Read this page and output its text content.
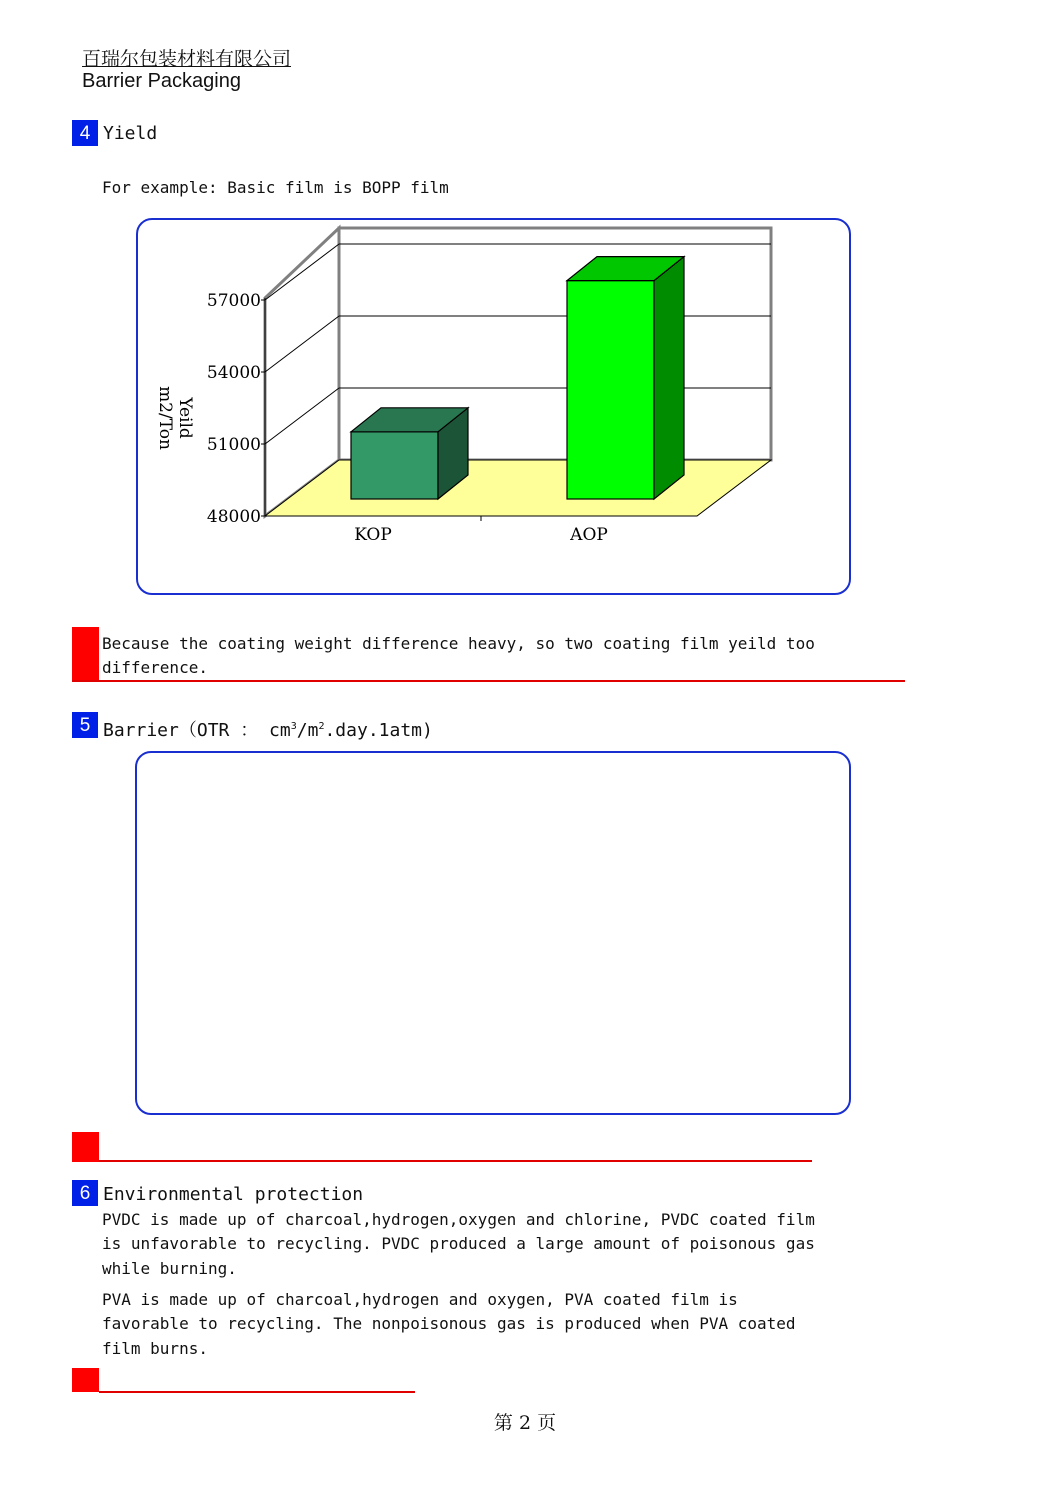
百瑞尔包装材料有限公司
Barrier Packaging
4 Yield
For example: Basic film is BOPP film
48000
51000
54000
57000
KOP	AOP
Yeild
m2/Ton
Because the coating weight difference heavy, so two coating film yeild too
difference.
5 Barrier（OTR ： $cm^3/m^2.day.1atm$)
6 Environmental protection
PVDC is made up of charcoal,hydrogen,oxygen and chlorine, PVDC coated film
is unfavorable to recycling. PVDC produced a large amount of poisonous gas
while burning.
PVA is made up of charcoal,hydrogen and oxygen, PVA coated film is
favorable to recycling. The nonpoisonous gas is produced when PVA coated
film burns.
第 2 页
